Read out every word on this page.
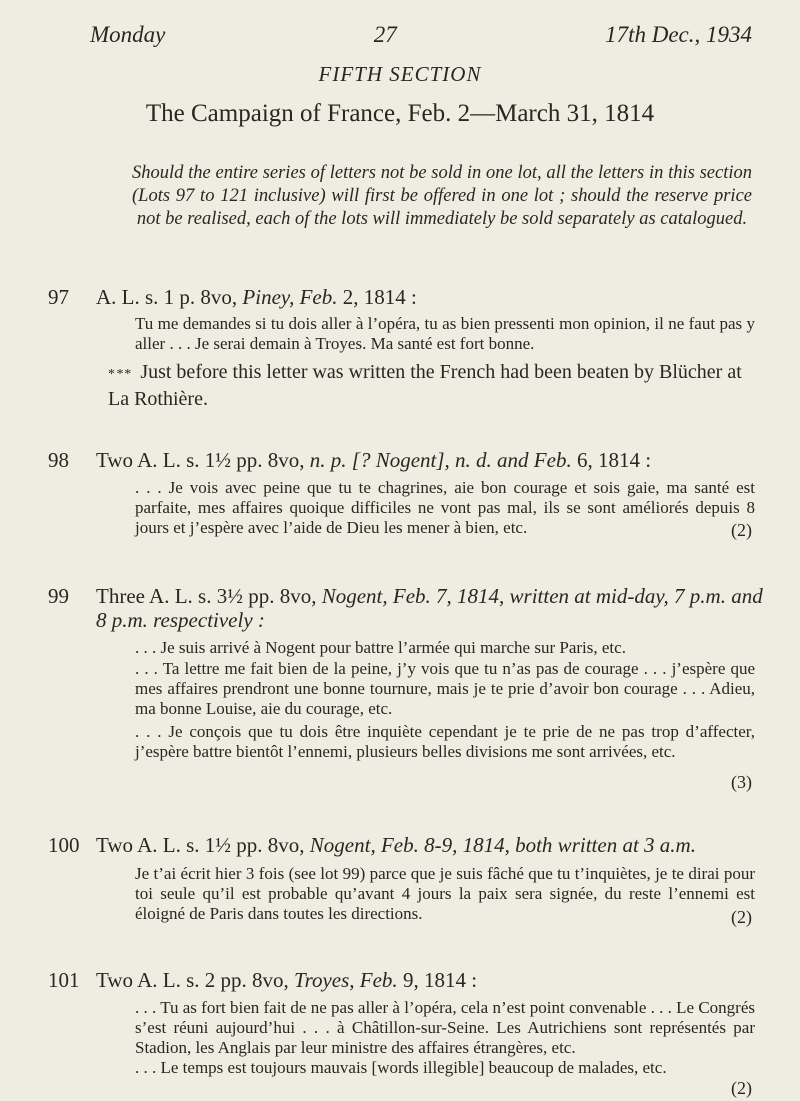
Monday	27	17th Dec., 1934
FIFTH SECTION
The Campaign of France, Feb. 2—March 31, 1814
Should the entire series of letters not be sold in one lot, all the letters in this section (Lots 97 to 121 inclusive) will first be offered in one lot ; should the reserve price not be realised, each of the lots will immediately be sold separately as catalogued.
97	A. L. s. 1 p. 8vo, Piney, Feb. 2, 1814 :
Tu me demandes si tu dois aller à l’opéra, tu as bien pressenti mon opinion, il ne faut pas y aller . . . Je serai demain à Troyes. Ma santé est fort bonne.
* * * Just before this letter was written the French had been beaten by Blücher at La Rothière.
98	Two A. L. s. 1½ pp. 8vo, n. p. [? Nogent], n. d. and Feb. 6, 1814 :
. . . Je vois avec peine que tu te chagrines, aie bon courage et sois gaie, ma santé est parfaite, mes affaires quoique difficiles ne vont pas mal, ils se sont améliorés depuis 8 jours et j’espère avec l’aide de Dieu les mener à bien, etc.	(2)
99	Three A. L. s. 3½ pp. 8vo, Nogent, Feb. 7, 1814, written at mid-day, 7 p.m. and 8 p.m. respectively :
. . . Je suis arrivé à Nogent pour battre l’armée qui marche sur Paris, etc.
. . . Ta lettre me fait bien de la peine, j’y vois que tu n’as pas de courage . . . j’espère que mes affaires prendront une bonne tournure, mais je te prie d’avoir bon courage . . . Adieu, ma bonne Louise, aie du courage, etc.
. . . Je conçois que tu dois être inquiète cependant je te prie de ne pas trop d’affecter, j’espère battre bientôt l’ennemi, plusieurs belles divisions me sont arrivées, etc.
(3)
100 Two A. L. s. 1½ pp. 8vo, Nogent, Feb. 8-9, 1814, both written at 3 a.m.
Je t’ai écrit hier 3 fois (see lot 99) parce que je suis fâché que tu t’inquiètes, je te dirai pour toi seule qu’il est probable qu’avant 4 jours la paix sera signée, du reste l’ennemi est éloigné de Paris dans toutes les directions.	(2)
101 Two A. L. s. 2 pp. 8vo, Troyes, Feb. 9, 1814 :
. . . Tu as fort bien fait de ne pas aller à l’opéra, cela n’est point convenable . . . Le Congrés s’est réuni aujourd’hui . . . à Châtillon-sur-Seine. Les Autrichiens sont représentés par Stadion, les Anglais par leur ministre des affaires étrangères, etc.
. . . Le temps est toujours mauvais [words illegible] beaucoup de malades, etc.
(2)
